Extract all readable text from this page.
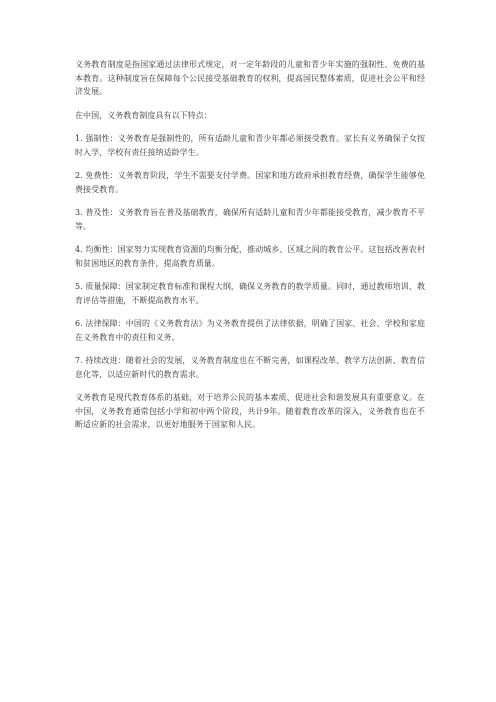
义务教育制度是指国家通过法律形式规定，对一定年龄段的儿童和青少年实施的强制性、免费的基本教育。这种制度旨在保障每个公民接受基础教育的权利，提高国民整体素质，促进社会公平和经济发展。

在中国，义务教育制度具有以下特点：

1. 强制性：义务教育是强制性的，所有适龄儿童和青少年都必须接受教育。家长有义务确保子女按时入学，学校有责任接纳适龄学生。

2. 免费性：义务教育阶段，学生不需要支付学费。国家和地方政府承担教育经费，确保学生能够免费接受教育。

3. 普及性：义务教育旨在普及基础教育，确保所有适龄儿童和青少年都能接受教育，减少教育不平等。

4. 均衡性：国家努力实现教育资源的均衡分配，推动城乡、区域之间的教育公平。这包括改善农村和贫困地区的教育条件，提高教育质量。

5. 质量保障：国家制定教育标准和课程大纲，确保义务教育的教学质量。同时，通过教师培训、教育评估等措施，不断提高教育水平。

6. 法律保障：中国的《义务教育法》为义务教育提供了法律依据，明确了国家、社会、学校和家庭在义务教育中的责任和义务。

7. 持续改进：随着社会的发展，义务教育制度也在不断完善，如课程改革、教学方法创新、教育信息化等，以适应新时代的教育需求。

义务教育是现代教育体系的基础，对于培养公民的基本素质、促进社会和谐发展具有重要意义。在中国，义务教育通常包括小学和初中两个阶段，共计9年。随着教育改革的深入，义务教育也在不断适应新的社会需求，以更好地服务于国家和人民。
